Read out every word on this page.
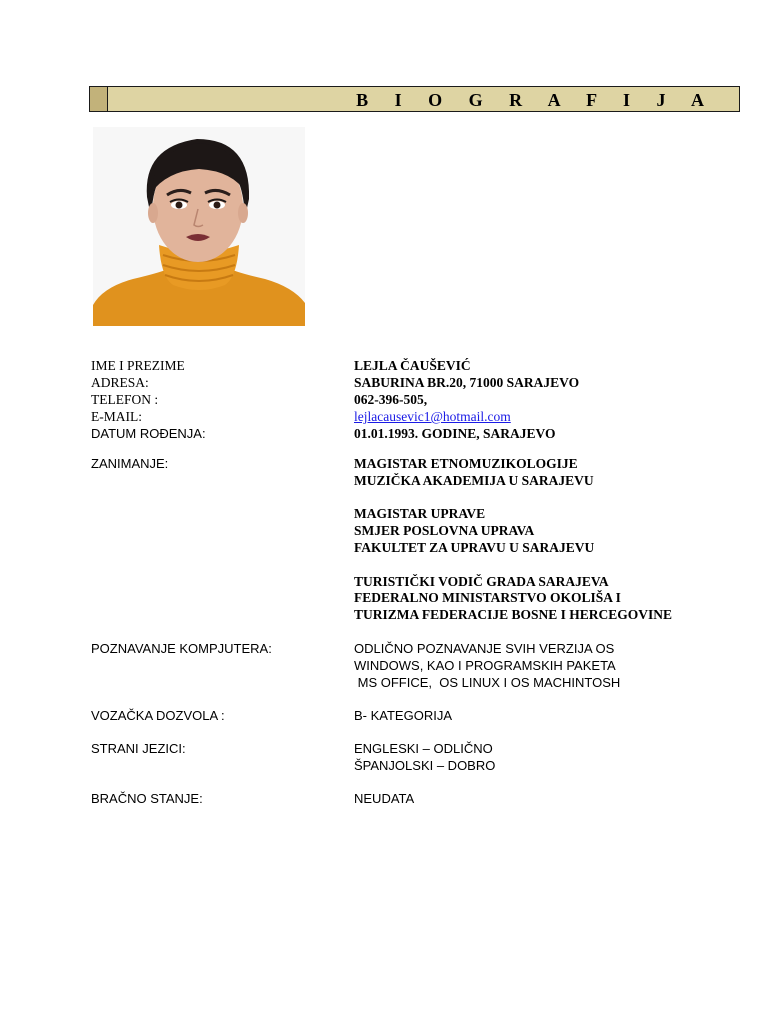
B I O G R A F I J A
IME I PREZIME	LEJLA ČAUŠEVIĆ
ADRESA:	SABURINA BR.20, 71000 SARAJEVO
TELEFON :	062-396-505,
E-MAIL:	lejlacausevic1@hotmail.com
DATUM ROĐENJA:	01.01.1993. GODINE, SARAJEVO
ZANIMANJE:	MAGISTAR ETNOMUZIKOLOGIJE
MUZIČKA AKADEMIJA U SARAJEVU
MAGISTAR UPRAVE
SMJER POSLOVNA UPRAVA
FAKULTET ZA UPRAVU U SARAJEVU
TURISTIČKI VODIČ GRADA SARAJEVA
FEDERALNO MINISTARSTVO OKOLIŠA I
TURIZMA FEDERACIJE BOSNE I HERCEGOVINE
POZNAVANJE KOMPJUTERA:	ODLIČNO POZNAVANJE SVIH VERZIJA OS
WINDOWS, KAO I PROGRAMSKIH PAKETA
MS OFFICE,  OS LINUX I OS MACHINTOSH
VOZAČKA DOZVOLA :	B- KATEGORIJA
STRANI JEZICI:	ENGLESKI – ODLIČNO
ŠPANJOLSKI – DOBRO
BRAČNO STANJE:	NEUDATA
